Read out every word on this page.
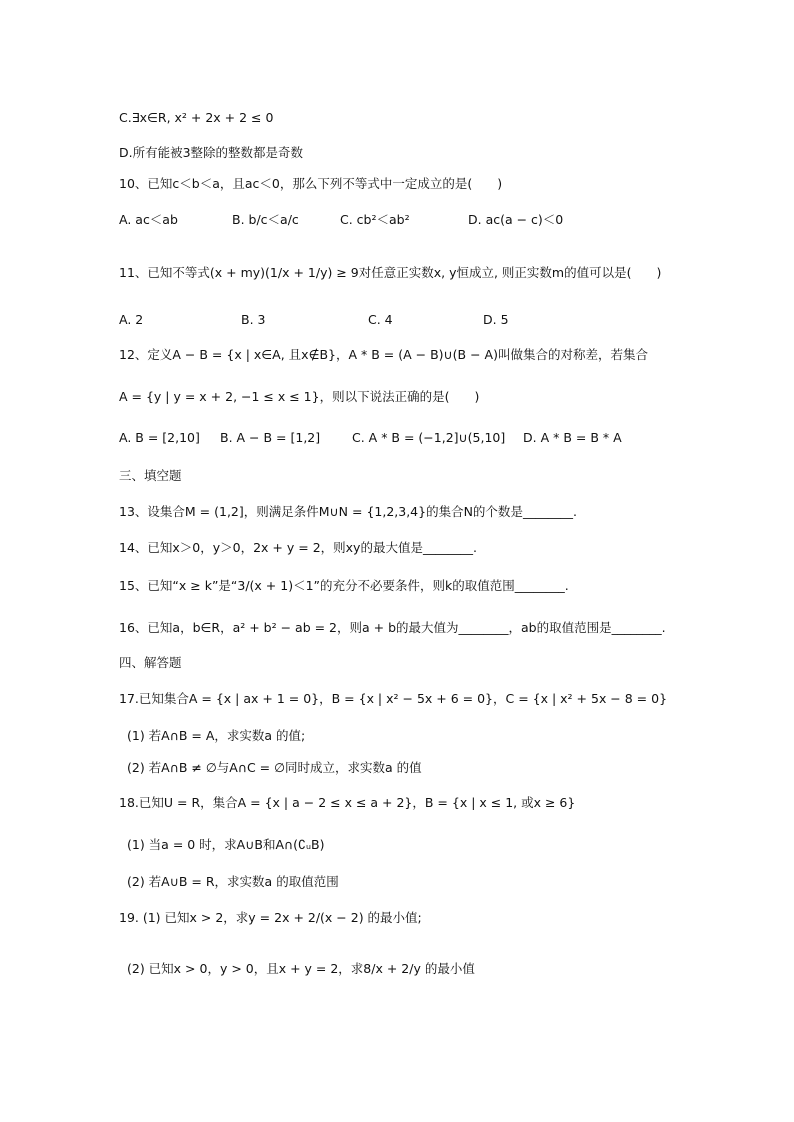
C.∃x∈R, x² + 2x + 2 ≤ 0
D.所有能被3整除的整数都是奇数
10、已知c＜b＜a，且ac＜0，那么下列不等式中一定成立的是(　　)
A. ac＜ab	B. b/c＜a/c	C. cb²＜ab²	D. ac(a − c)＜0
11、已知不等式(x + my)(1/x + 1/y) ≥ 9对任意正实数x, y恒成立, 则正实数m的值可以是(　　)
A. 2	B. 3	C. 4	D. 5
12、定义A − B = {x | x∈A, 且x∉B}，A * B = (A − B)∪(B − A)叫做集合的对称差，若集合
A = {y | y = x + 2, −1 ≤ x ≤ 1}，则以下说法正确的是(　　)
A. B = [2,10] B. A − B = [1,2]	C. A * B = (−1,2]∪(5,10] D. A * B = B * A
三、填空题
13、设集合M = (1,2]，则满足条件M∪N = {1,2,3,4}的集合N的个数是________.
14、已知x＞0，y＞0，2x + y = 2，则xy的最大值是________.
15、已知“x ≥ k”是“3/(x + 1)＜1”的充分不必要条件，则k的取值范围________.
16、已知a，b∈R，a² + b² − ab = 2，则a + b的最大值为________，ab的取值范围是________.
四、解答题
17.已知集合A = {x | ax + 1 = 0}，B = {x | x² − 5x + 6 = 0}，C = {x | x² + 5x − 8 = 0}
(1) 若A∩B = A，求实数a 的值;
(2) 若A∩B ≠ ∅与A∩C = ∅同时成立，求实数a 的值
18.已知U = R，集合A = {x | a − 2 ≤ x ≤ a + 2}，B = {x | x ≤ 1, 或x ≥ 6}
(1) 当a = 0 时，求A∪B和A∩(∁ᵤB)
(2) 若A∪B = R，求实数a 的取值范围
19. (1) 已知x > 2，求y = 2x + 2/(x − 2) 的最小值;
(2) 已知x > 0，y > 0，且x + y = 2，求8/x + 2/y 的最小值
